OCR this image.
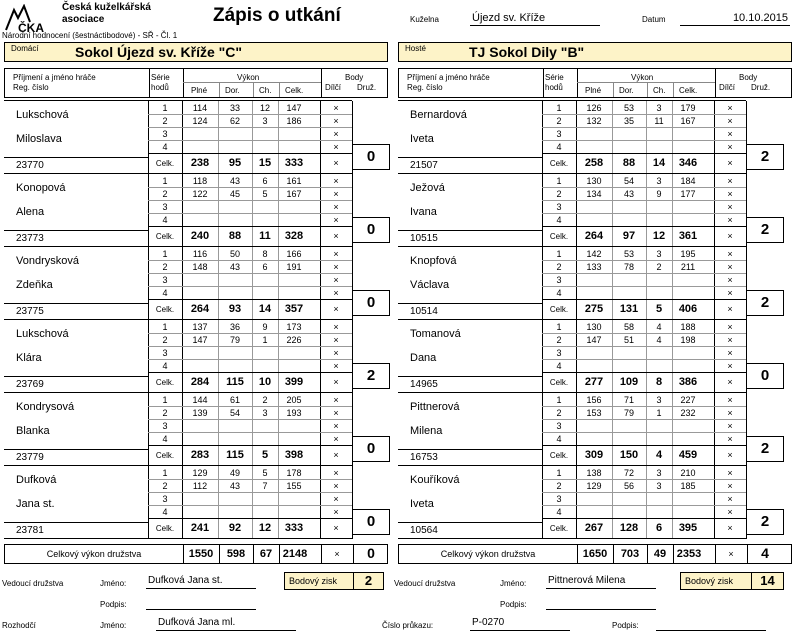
ČKA
Česká kuželkářská
asociace
Národní hodnocení (šestnáctibodové) - SŘ - Čl. 1
Zápis o utkání	Kuželna	Újezd sv. Kříže	Datum	10.10.2015
Domácí	Sokol Újezd sv. Kříže "C"
Příjmení a jméno hráče
Reg. číslo
Série
hodů
Výkon
Plné Dor. Ch. Celk.
Body
Dílčí Druž.
Lukschová
Miloslava
23770
1	114	33	12	147	×
2	124	62	3	186	×
3	×
4	×
Celk.	238	95	15	333	×	0
Konopová
Alena
23773
1	118	43	6	161	×
2	122	45	5	167	×
3	×
4	×
Celk.	240	88	11	328	×	0
Vondrysková
Zdeňka
23775
1	116	50	8	166	×
2	148	43	6	191	×
3	×
4	×
Celk.	264	93	14	357	×	0
Lukschová
Klára
23769
1	137	36	9	173	×
2	147	79	1	226	×
3	×
4	×
Celk.	284	115	10	399	×	2
Kondrysová
Blanka
23779
1	144	61	2	205	×
2	139	54	3	193	×
3	×
4	×
Celk.	283	115	5	398	×	0
Dufková
Jana st.
23781
1	129	49	5	178	×
2	112	43	7	155	×
3	×
4	×
Celk.	241	92	12	333	×	0
Celkový výkon družstva	1550	598	67 2148	×	0
Hosté	TJ Sokol Dily "B"
Příjmení a jméno hráče
Reg. číslo
Série
hodů
Výkon
Plné Dor. Ch. Celk.
Body
Dílčí Druž.
Bernardová
Iveta
21507
1	126	53	3	179	×
2	132	35	11	167	×
3	×
4	×
Celk.	258	88	14	346	×	2
Ježová
Ivana
10515
1	130	54	3	184	×
2	134	43	9	177	×
3	×
4	×
Celk.	264	97	12	361	×	2
Knopfová
Václava
10514
1	142	53	3	195	×
2	133	78	2	211	×
3	×
4	×
Celk.	275	131	5	406	×	2
Tomanová
Dana
14965
1	130	58	4	188	×
2	147	51	4	198	×
3	×
4	×
Celk.	277	109	8	386	×	0
Pittnerová
Milena
16753
1	156	71	3	227	×
2	153	79	1	232	×
3	×
4	×
Celk.	309	150	4	459	×	2
Kouříková
Iveta
10564
1	138	72	3	210	×
2	129	56	3	185	×
3	×
4	×
Celk.	267	128	6	395	×	2
Celkový výkon družstva	1650	703	49 2353	×	4
Bodový zisk	2	Bodový zisk	14
Vedoucí družstva	Jméno: Dufková Jana st.
Podpis:
Vedoucí družstva	Jméno: Pittnerová Milena
Podpis:
Rozhodčí	Jméno:	Dufková Jana ml.	Číslo průkazu:	P-0270	Podpis:
